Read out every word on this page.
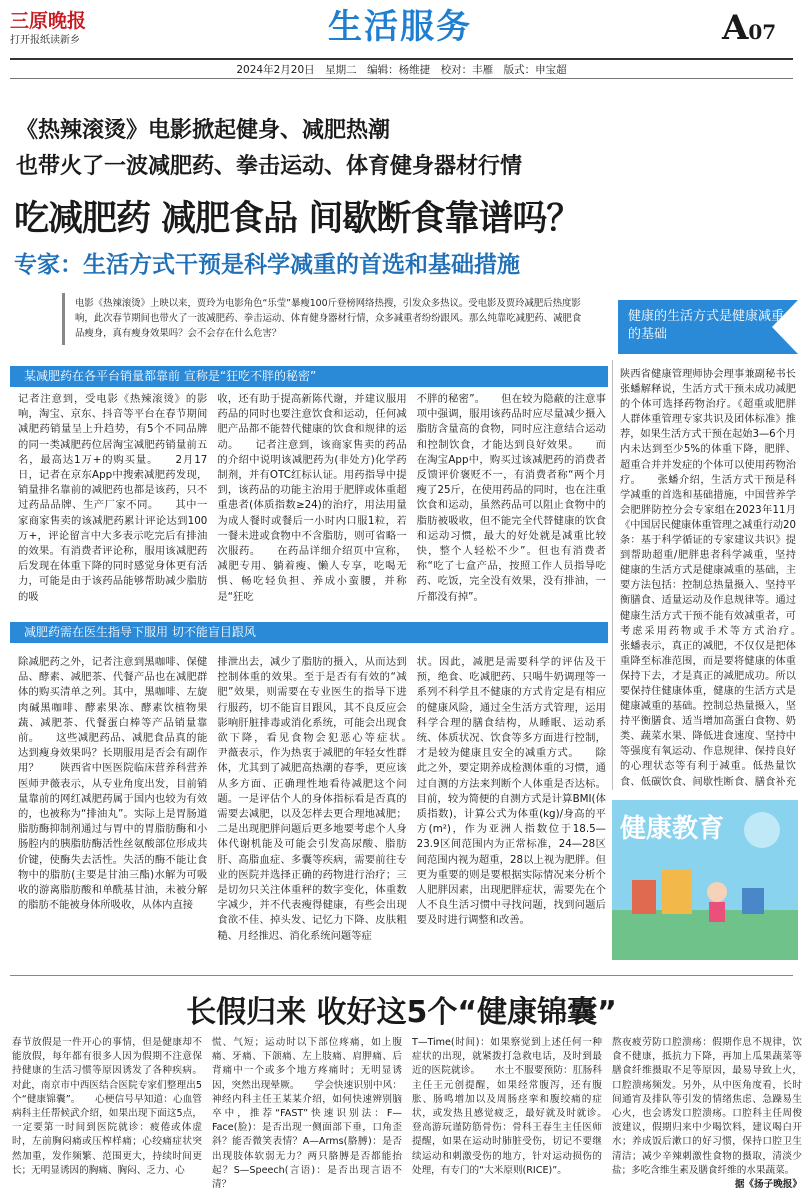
三原晚报
打开报纸读新乡	生活服务	A07
2024年2月20日　星期二　编辑：杨维捷　校对：丰雁　版式：申宝超
《热辣滚烫》电影掀起健身、减肥热潮
也带火了一波减肥药、拳击运动、体育健身器材行情
吃减肥药 减肥食品 间歇断食靠谱吗？
专家：生活方式干预是科学减重的首选和基础措施
电影《热辣滚烫》上映以来，贾玲为电影角色“乐莹”暴瘦100斤登榜网络热搜，引发众多热议。受电影及贾玲减肥后热度影响，此次春节期间也带火了一波减肥药、拳击运动、体育健身器材行情，众多减重者纷纷跟风。那么纯靠吃减肥药、减肥食品瘦身，真有瘦身效果吗？会不会存在什么危害？
健康的生活方式是健康减重的基础
某减肥药在各平台销量都靠前 宣称是“狂吃不胖的秘密”
记者注意到，受电影《热辣滚烫》的影响，淘宝、京东、抖音等平台在春节期间减肥药销量呈上升趋势，有5个不同品牌的同一类减肥药位居淘宝减肥药销量前五名，最高达1万+的购买量。　　2月17日，记者在京东App中搜索减肥药发现，销量排名靠前的减肥药也都是该药，只不过药品品牌、生产厂家不同。　　其中一家商家售卖的该减肥药累计评论达到100万+，评论留言中大多表示吃完后有排油的效果。有消费者评论称，服用该减肥药后发现在体重下降的同时感觉身体更有活力，可能是由于该药品能够帮助减少脂肪的吸
收，还有助于提高新陈代谢，并建议服用药品的同时也要注意饮食和运动，任何减肥产品都不能替代健康的饮食和规律的运动。　　记者注意到，该商家售卖的药品的介绍中说明该减肥药为(非处方)化学药制剂，并有OTC红标认证。用药指导中提到，该药品的功能主治用于肥胖或体重超重患者(体质指数≥24)的治疗，用法用量为成人餐时或餐后一小时内口服1粒，若一餐未进或食物中不含脂肪，则可省略一次服药。　　在药品详细介绍页中宣称，减肥专用、躺着瘦、懒人专享，吃喝无惧、畅吃轻负担、养成小蛮腰，并称是“狂吃
不胖的秘密”。　　但在较为隐蔽的注意事项中强调，服用该药品时应尽量减少摄入脂肪含量高的食物，同时应注意结合运动和控制饮食，才能达到良好效果。　　而在淘宝App中，购买过该减肥药的消费者反馈评价褒贬不一，有消费者称“两个月瘦了25斤，在使用药品的同时，也在注重饮食和运动，虽然药品可以阻止食物中的脂肪被吸收，但不能完全代替健康的饮食和运动习惯，最大的好处就是减重比较快，整个人轻松不少”。但也有消费者称“吃了七盒产品，按照工作人员指导吃药、吃饭，完全没有效果，没有排油，一斤都没有掉”。
减肥药需在医生指导下服用 切不能盲目跟风
除减肥药之外，记者注意到黑咖啡、保健品、酵素、减肥茶、代餐产品也在减肥群体的购买清单之列。其中，黑咖啡、左旋肉碱黑咖啡、酵素果冻、酵素饮植物果蔬、减肥茶、代餐蛋白棒等产品销量靠前。　　这些减肥药品、减肥食品真的能达到瘦身效果吗？长期服用是否会有副作用？　　陕西省中医医院临床营养科营养医师尹薇表示，从专业角度出发，目前销量靠前的网红减肥药属于国内也较为有效的，也被称为“排油丸”。实际上是胃肠道脂肪酶抑制剂通过与胃中的胃脂肪酶和小肠腔内的胰脂肪酶活性丝氨酸部位形成共价键，使酶失去活性。失活的酶不能让食物中的脂肪(主要是甘油三酯)水解为可吸收的游离脂肪酸和单酰基甘油，未被分解的脂肪不能被身体所吸收，从体内直接
排泄出去，减少了脂肪的摄入，从而达到控制体重的效果。至于是否有有效的“减肥”效果，则需要在专业医生的指导下进行服药，切不能盲目跟风，其不良反应会影响肝脏排毒或消化系统，可能会出现食欲下降，看见食物会犯恶心等症状。　　尹薇表示，作为热衷于减肥的年轻女性群体，尤其到了减肥高热潮的春季，更应该从多方面、正确理性地看待减肥这个问题。一是评估个人的身体指标看是否真的需要去减肥，以及怎样去更合理地减肥；二是出现肥胖问题后更多地要考虑个人身体代谢机能及可能会引发高尿酸、脂肪肝、高脂血症、多囊等疾病，需要前往专业的医院并选择正确的药物进行治疗；三是切勿只关注体重秤的数字变化，体重数字减少，并不代表瘦得健康，有些会出现食欲不佳、掉头发、记忆力下降、皮肤粗糙、月经推迟、消化系统问题等症
状。因此，减肥是需要科学的评估及干预，绝食、吃减肥药、只喝牛奶调理等一系列不科学且不健康的方式肯定是有相应的健康风险，通过全生活方式管理，运用科学合理的膳食结构，从睡眠、运动系统、体质状况、饮食等多方面进行控制，才是较为健康且安全的减重方式。　　除此之外，要定期养成检测体重的习惯，通过自测的方法来判断个人体重是否达标。目前，较为简便的自测方式是计算BMI(体质指数)，计算公式为体重(kg)/身高的平方(m²)，作为亚洲人指数位于18.5—23.9区间范围内为正常标准，24—28区间范围内视为超重，28以上视为肥胖。但更为重要的则是要根据实际情况来分析个人肥胖因素，出现肥胖症状，需要先在个人不良生活习惯中寻找问题，找到问题后要及时进行调整和改善。
陕西省健康管理师协会理事兼副秘书长张蟠解释说，生活方式干预未成功减肥的个体可选择药物治疗。《超重或肥胖人群体重管理专家共识及团体标准》推荐，如果生活方式干预在起始3—6个月内未达到至少5%的体重下降，肥胖、超重合并并发症的个体可以使用药物治疗。　　张蟠介绍，生活方式干预是科学减重的首选和基础措施，中国营养学会肥胖防控分会专家组在2023年11月《中国居民健康体重管理之减重行动20条：基于科学循证的专家建议共识》提到帮助超重/肥胖患者科学减重，坚持健康的生活方式是健康减重的基础，主要方法包括：控制总热量摄入、坚持平衡膳食、适量运动及作息规律等。通过健康生活方式干预不能有效减重者，可考虑采用药物或手术等方式治疗。　　张蟠表示，真正的减肥，不仅仅是把体重降至标准范围，而是要将健康的体重保持下去，才是真正的减肥成功。所以要保持住健康体重，健康的生活方式是健康减重的基础。控制总热量摄入，坚持平衡膳食、适当增加高蛋白食物、奶类、蔬菜水果、降低进食速度、坚持中等强度有氧运动、作息规律、保持良好的心理状态等有利于减重。低热量饮食、低碳饮食、间歇性断食、膳食补充
健康教育
长假归来 收好这5个“健康锦囊”
春节放假是一件开心的事情，但是健康却不能放假，每年都有很多人因为假期不注意保持健康的生活习惯等原因诱发了各种疾病。对此，南京市中西医结合医院专家们整理出5个“健康锦囊”。　　心梗信号早知道：心血管病科主任帮候武介绍，如果出现下面这5点，一定要第一时间到医院就诊：疲倦或体虚时，左前胸闷痛或压榨样痛；心绞痛症状突然加重，发作频繁、范围更大，持续时间更长；无明显诱因的胸痛、胸闷、乏力、心
慌、气短；运动时以下部位疼痛，如上腹痛、牙痛、下颌痛、左上肢痛、肩胛痛、后背痛中一个或多个地方疼痛时；无明显诱因，突然出现晕厥。　　学会快速识别中风：神经内科主任王某某介绍，如何快速辨别脑卒中，推荐“FAST”快速识别法：F—Face(脸)：是否出现一侧面部下垂，口角歪斜？能否微笑表情？A—Arms(胳膊)：是否出现肢体软弱无力？两只胳膊是否都能抬起？S—Speech(言语)：是否出现言语不清？
T—Time(时间)：如果察觉到上述任何一种症状的出现，就紧拨打急救电话，及时到最近的医院就诊。　　水土不服要预防：肛肠科主任王元创提醒，如果经常腹泻，还有腹胀、肠鸣增加以及周肠痉挛和腹绞痛的症状，或发热且感觉疲乏，最好就及时就诊。　　登高游玩谨防筋骨伤：骨科王春生主任医师提醒，如果在运动时肺脏受伤，切记不要继续运动和刺激受伤的地方，针对运动损伤的处理，有专门的“大米原则(RICE)”。
熬夜疲劳防口腔溃疡：假期作息不规律，饮食不健康，抵抗力下降，再加上瓜果蔬菜等膳食纤维摄取不足等原因，最易导致上火，口腔溃疡频发。另外，从中医角度看，长时间通宵及排队等引发的情绪焦虑、急躁易生心火，也会诱发口腔溃疡。口腔科主任周俊波建议，假期归来中少喝饮料，建议喝白开水；养成饭后漱口的好习惯，保持口腔卫生清洁；减少辛辣刺激性食物的摄取，清淡少盐；多吃含维生素及膳食纤维的水果蔬菜。
据《扬子晚报》
